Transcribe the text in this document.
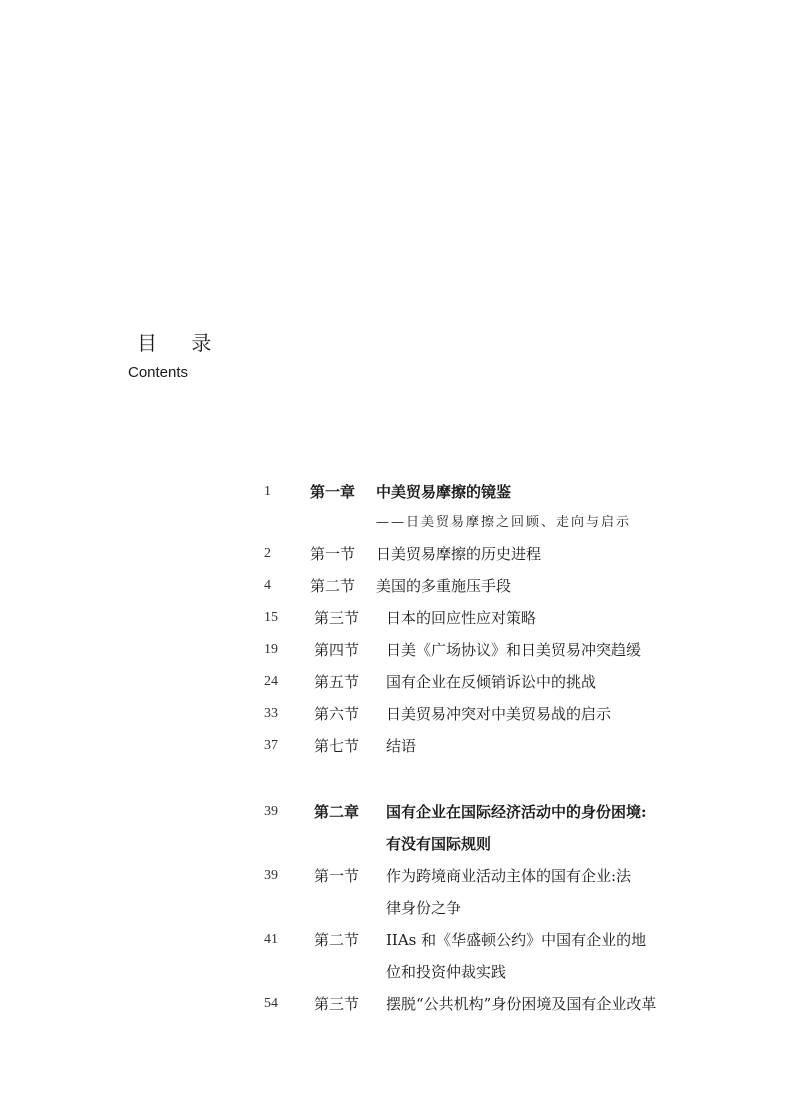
目 录
Contents
1	第一章	中美贸易摩擦的镜鉴
——日美贸易摩擦之回顾、走向与启示
2	第一节	日美贸易摩擦的历史进程
4	第二节	美国的多重施压手段
15	第三节	日本的回应性应对策略
19	第四节	日美《广场协议》和日美贸易冲突趋缓
24	第五节	国有企业在反倾销诉讼中的挑战
33	第六节	日美贸易冲突对中美贸易战的启示
37	第七节	结语
39	第二章	国有企业在国际经济活动中的身份困境:
有没有国际规则
39	第一节	作为跨境商业活动主体的国有企业:法
律身份之争
41	第二节	IIAs 和《华盛顿公约》中国有企业的地
位和投资仲裁实践
54	第三节	摆脱“公共机构”身份困境及国有企业改革
